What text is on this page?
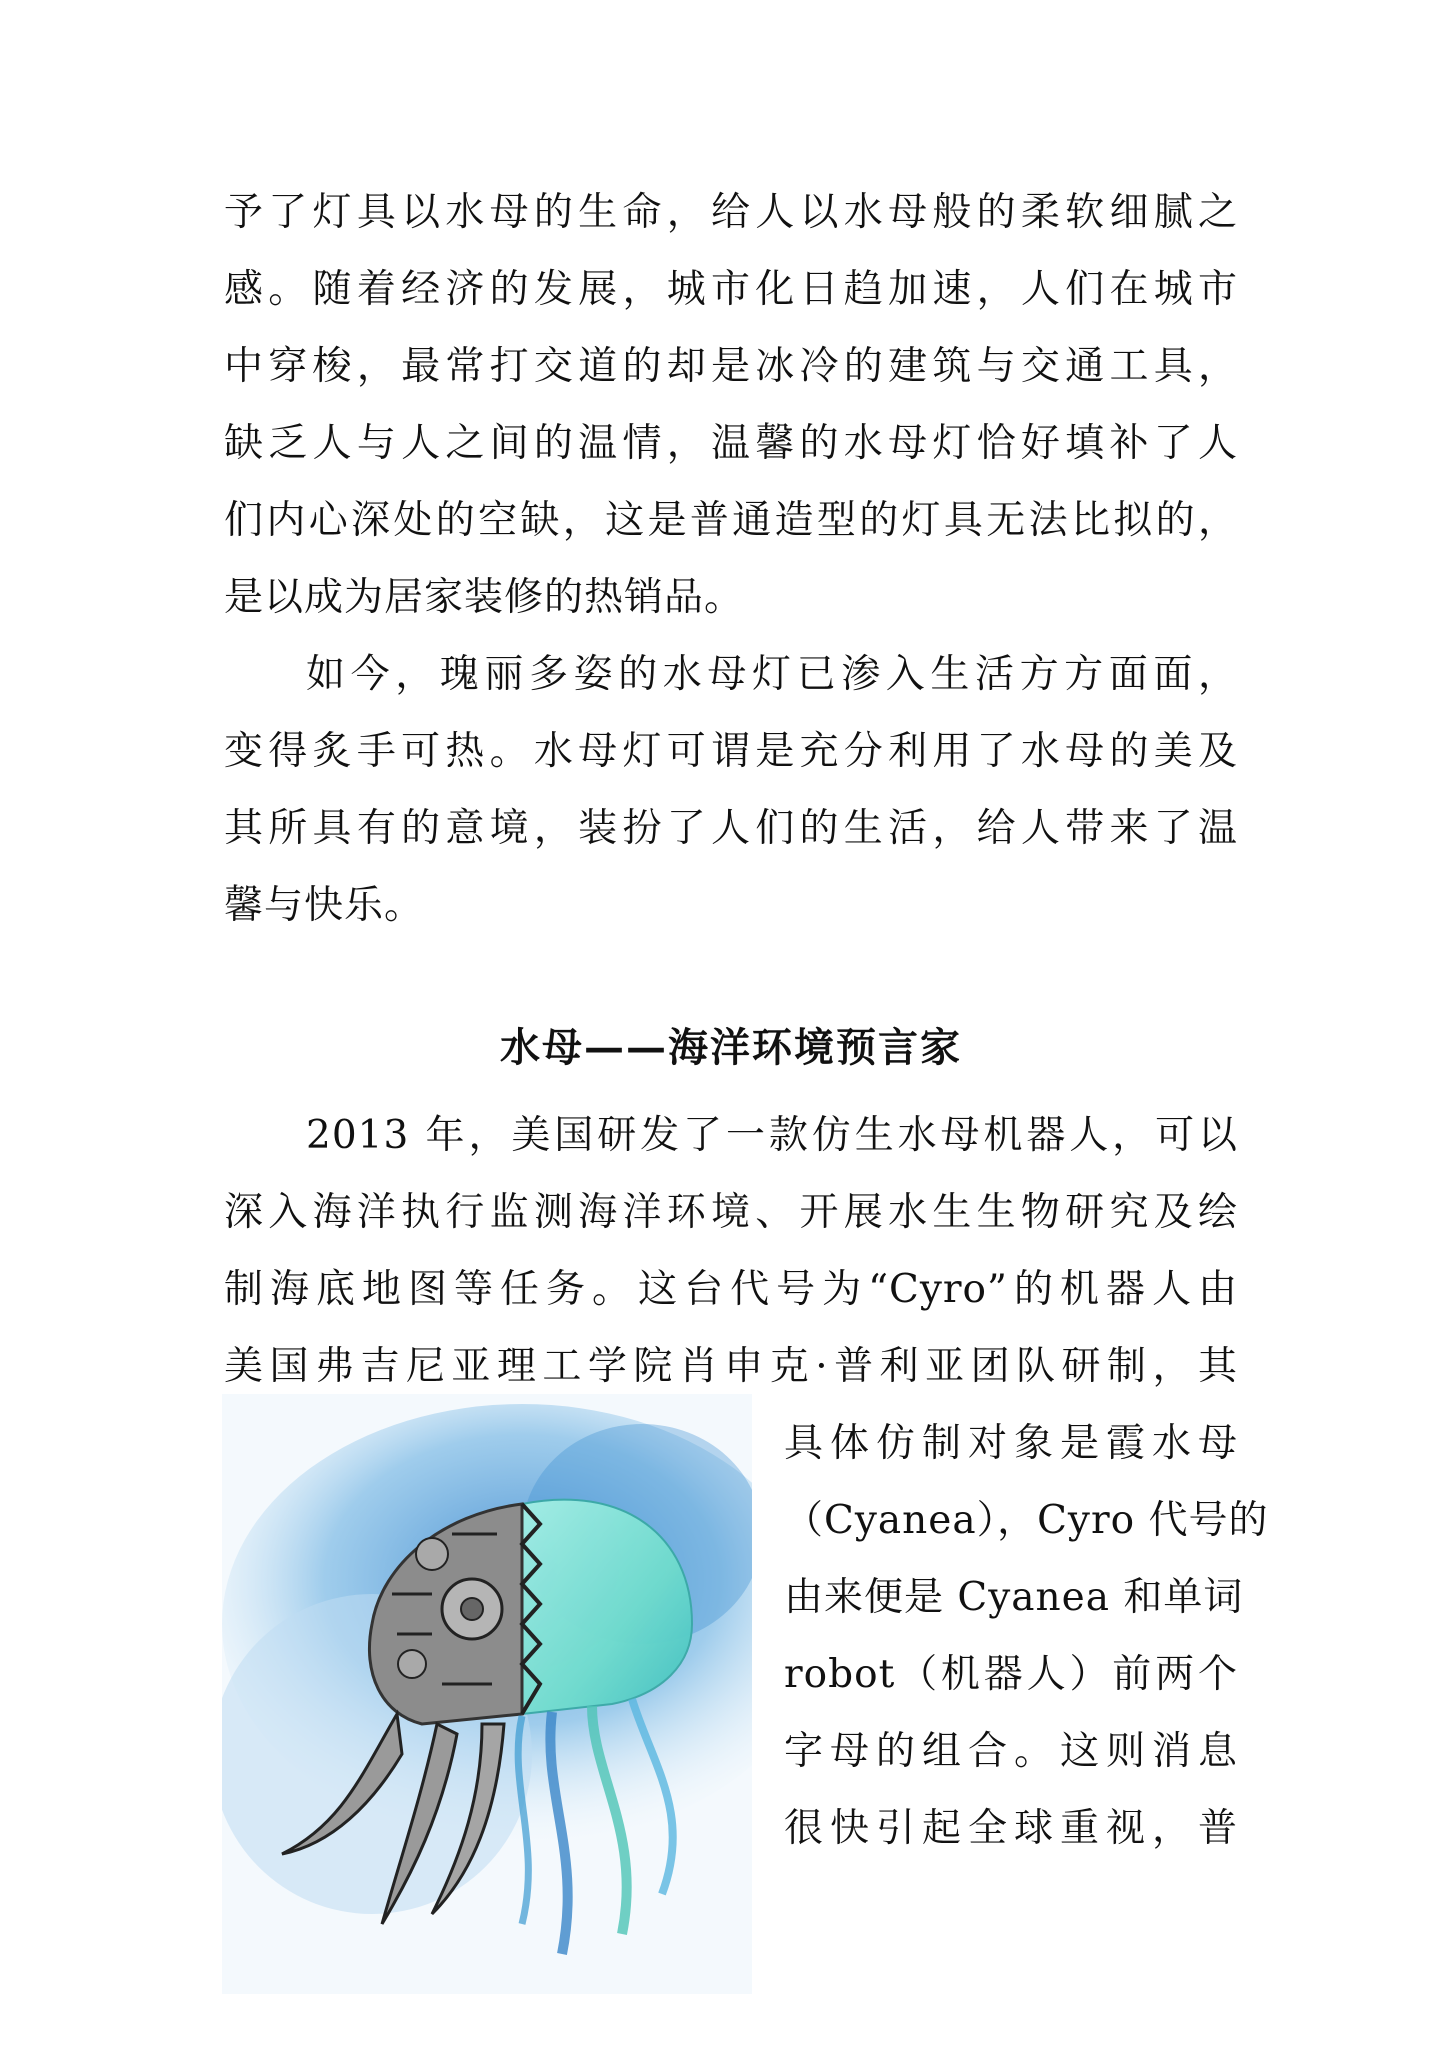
予了灯具以水母的生命，给人以水母般的柔软细腻之
感。随着经济的发展，城市化日趋加速，人们在城市
中穿梭，最常打交道的却是冰冷的建筑与交通工具，
缺乏人与人之间的温情，温馨的水母灯恰好填补了人
们内心深处的空缺，这是普通造型的灯具无法比拟的，
是以成为居家装修的热销品。
如今，瑰丽多姿的水母灯已渗入生活方方面面，
变得炙手可热。水母灯可谓是充分利用了水母的美及
其所具有的意境，装扮了人们的生活，给人带来了温
馨与快乐。
水母——海洋环境预言家
2013 年，美国研发了一款仿生水母机器人，可以
深入海洋执行监测海洋环境、开展水生生物研究及绘
制海底地图等任务。这台代号为“Cyro”的机器人由
美国弗吉尼亚理工学院肖申克·普利亚团队研制，其
具体仿制对象是霞水母
（Cyanea），Cyro 代号的
由来便是 Cyanea 和单词
robot（机器人）前两个
字母的组合。这则消息
很快引起全球重视，普
